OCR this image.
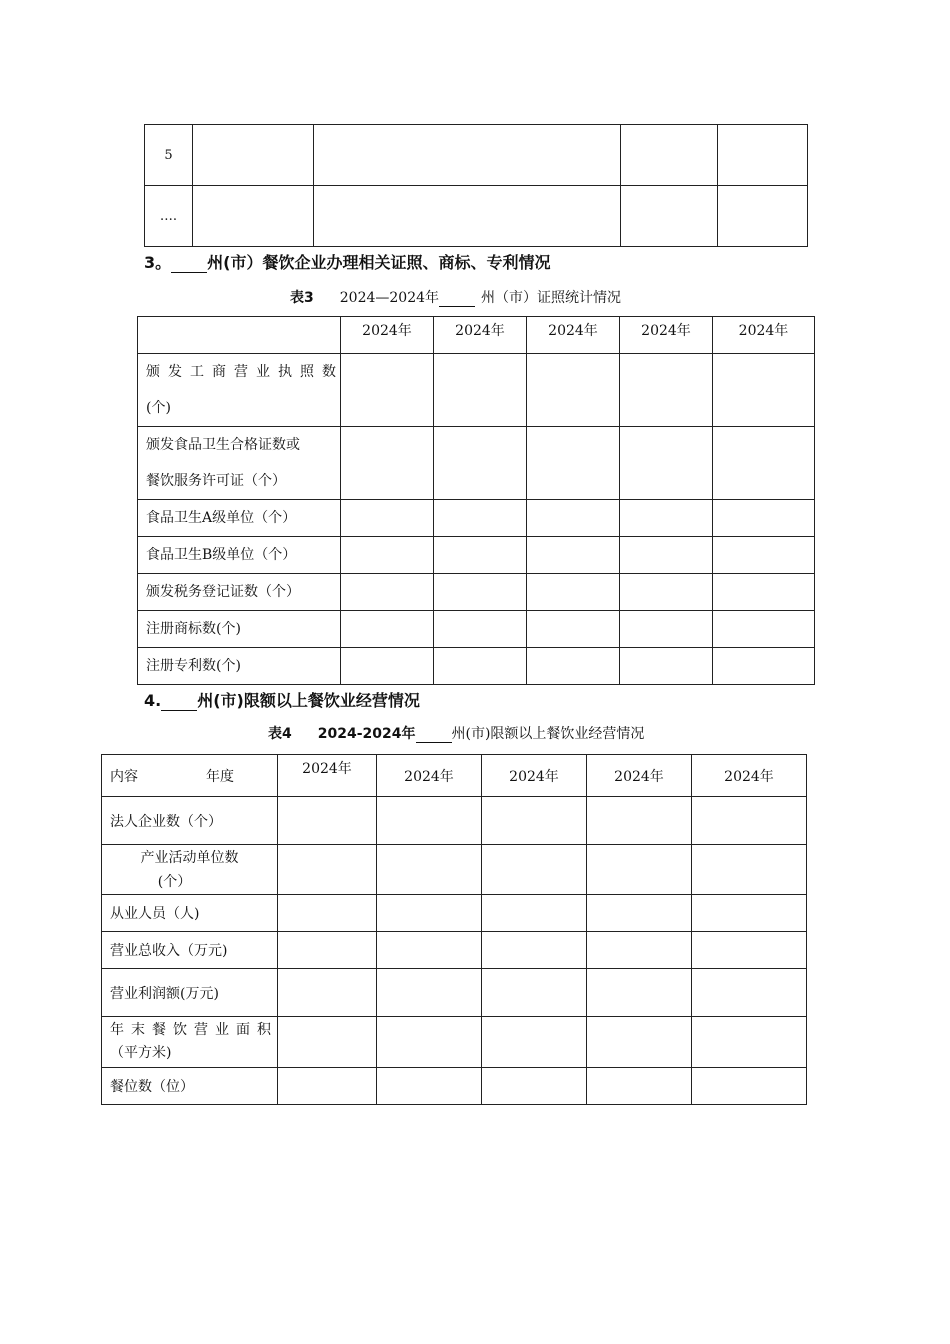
5				
….				
3。 州(市）餐饮企业办理相关证照、商标、专利情况
表3 2024—2024年	州（市）证照统计情况
	2024年	2024年	2024年	2024年	2024年

颁发工商营业执照数
(个)					

颁发食品卫生合格证数或
餐饮服务许可证（个）					

食品卫生A级单位（个）					
食品卫生B级单位（个）					
颁发税务登记证数（个）					
注册商标数(个)					
注册专利数(个)					
4. 州(市)限额以上餐饮业经营情况
表4 2024-2024年	州(市)限额以上餐饮业经营情况
内容 年度	2024年	2024年	2024年	2024年	2024年
法人企业数（个）					

产业活动单位数
(个）					

从业人员（人)					
营业总收入（万元)					
营业利润额(万元)					

年末餐饮营业面积
（平方米)					

餐位数（位）					
